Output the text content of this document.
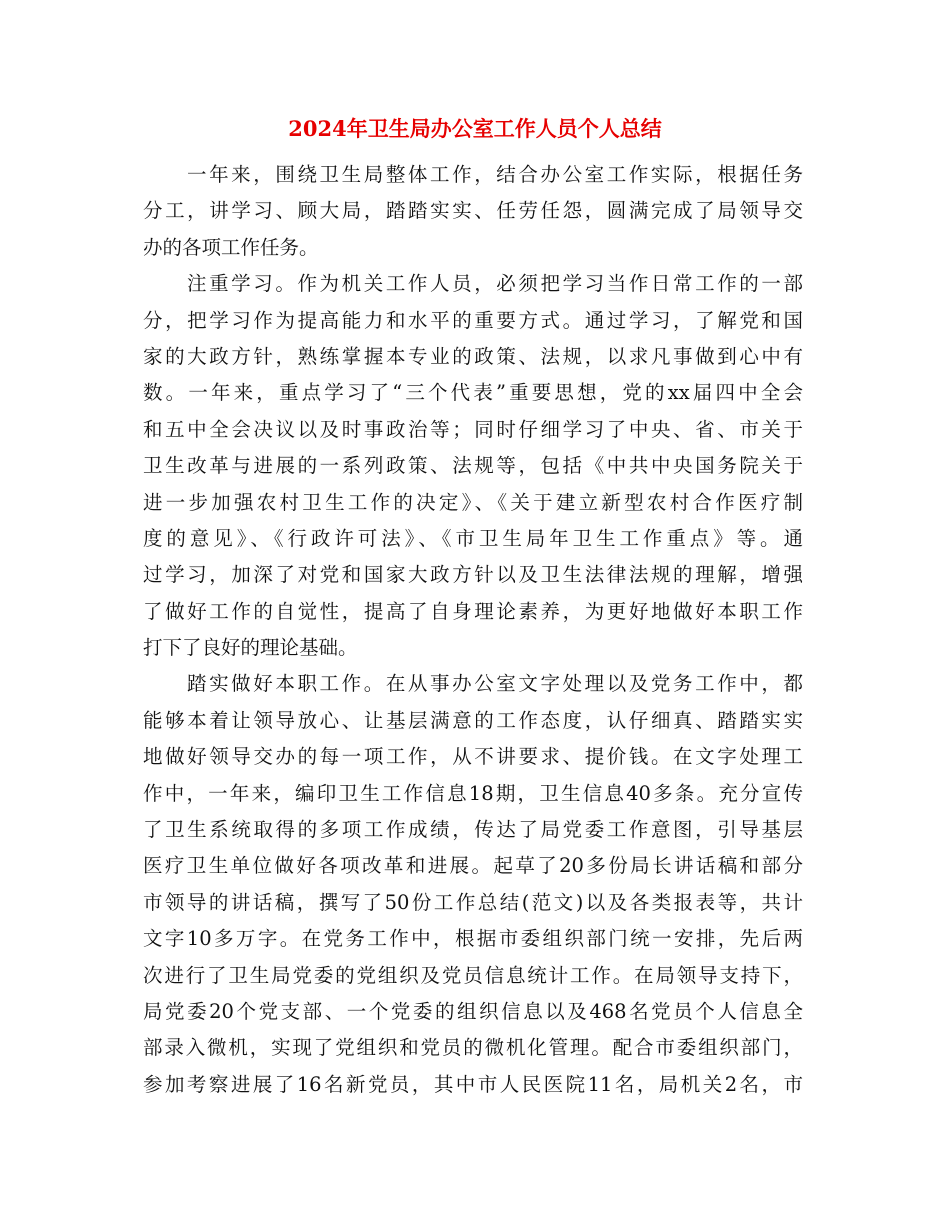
2024年卫生局办公室工作人员个人总结
一年来，围绕卫生局整体工作，结合办公室工作实际，根据任务
分工，讲学习、顾大局，踏踏实实、任劳任怨，圆满完成了局领导交
办的各项工作任务。
注重学习。作为机关工作人员，必须把学习当作日常工作的一部
分，把学习作为提高能力和水平的重要方式。通过学习，了解党和国
家的大政方针，熟练掌握本专业的政策、法规，以求凡事做到心中有
数。一年来，重点学习了“三个代表”重要思想，党的xx届四中全会
和五中全会决议以及时事政治等；同时仔细学习了中央、省、市关于
卫生改革与进展的一系列政策、法规等，包括《中共中央国务院关于
进一步加强农村卫生工作的决定》、《关于建立新型农村合作医疗制
度的意见》、《行政许可法》、《市卫生局年卫生工作重点》等。通
过学习，加深了对党和国家大政方针以及卫生法律法规的理解，增强
了做好工作的自觉性，提高了自身理论素养，为更好地做好本职工作
打下了良好的理论基础。
踏实做好本职工作。在从事办公室文字处理以及党务工作中，都
能够本着让领导放心、让基层满意的工作态度，认仔细真、踏踏实实
地做好领导交办的每一项工作，从不讲要求、提价钱。在文字处理工
作中，一年来，编印卫生工作信息18期，卫生信息40多条。充分宣传
了卫生系统取得的多项工作成绩，传达了局党委工作意图，引导基层
医疗卫生单位做好各项改革和进展。起草了20多份局长讲话稿和部分
市领导的讲话稿，撰写了50份工作总结(范文)以及各类报表等，共计
文字10多万字。在党务工作中，根据市委组织部门统一安排，先后两
次进行了卫生局党委的党组织及党员信息统计工作。在局领导支持下，
局党委20个党支部、一个党委的组织信息以及468名党员个人信息全
部录入微机，实现了党组织和党员的微机化管理。配合市委组织部门，
参加考察进展了16名新党员，其中市人民医院11名，局机关2名，市
